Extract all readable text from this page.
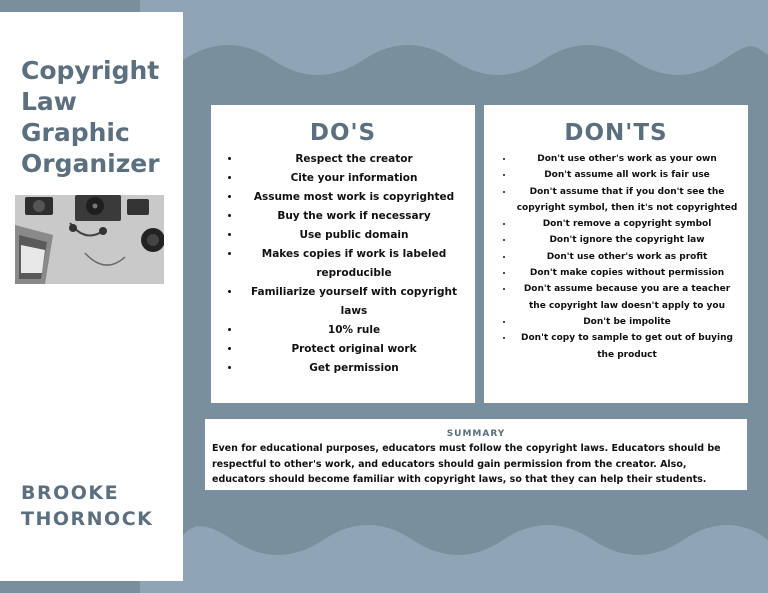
Copyright
Law
Graphic
Organizer
BROOKE
THORNOCK
DO'S
• Respect the creator
• Cite your information
• Assume most work is copyrighted
• Buy the work if necessary
• Use public domain
• Makes copies if work is labeled reproducible
• Familiarize yourself with copyright laws
• 10% rule
• Protect original work
• Get permission
DON'TS
• Don't use other's work as your own
• Don't assume all work is fair use
• Don't assume that if you don't see the copyright symbol, then it's not copyrighted
• Don't remove a copyright symbol
• Don't ignore the copyright law
• Don't use other's work as profit
• Don't make copies without permission
• Don't assume because you are a teacher the copyright law doesn't apply to you
• Don't be impolite
• Don't copy to sample to get out of buying the product
SUMMARY

Even for educational purposes, educators must follow the copyright laws. Educators should be respectful to other's work, and educators should gain permission from the creator. Also, educators should become familiar with copyright laws, so that they can help their students.
